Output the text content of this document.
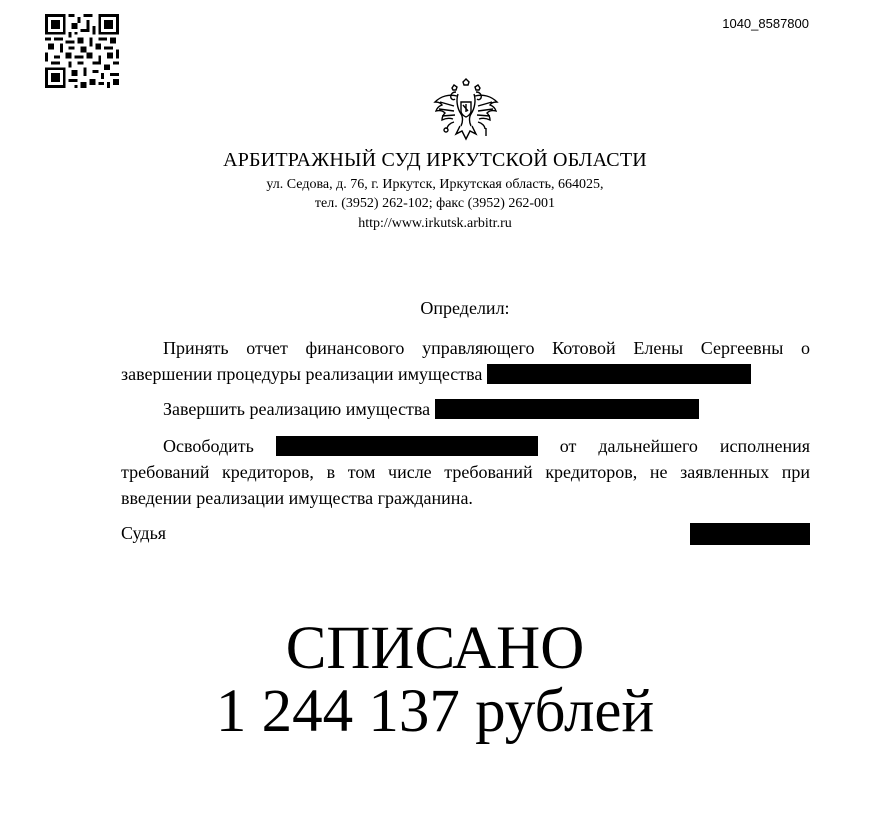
1040_8587800
АРБИТРАЖНЫЙ СУД ИРКУТСКОЙ ОБЛАСТИ
ул. Седова, д. 76, г. Иркутск, Иркутская область, 664025,
тел. (3952) 262-102; факс (3952) 262-001
http://www.irkutsk.arbitr.ru
Определил:

Принять отчет финансового управляющего Котовой Елены Сергеевны о завершении процедуры реализации имущества

Завершить реализацию имущества

Освободить	от дальнейшего исполнения требований кредиторов, в том числе требований кредиторов, не заявленных при введении реализации имущества гражданина.

Судья
СПИСАНО
1 244 137 рублей
